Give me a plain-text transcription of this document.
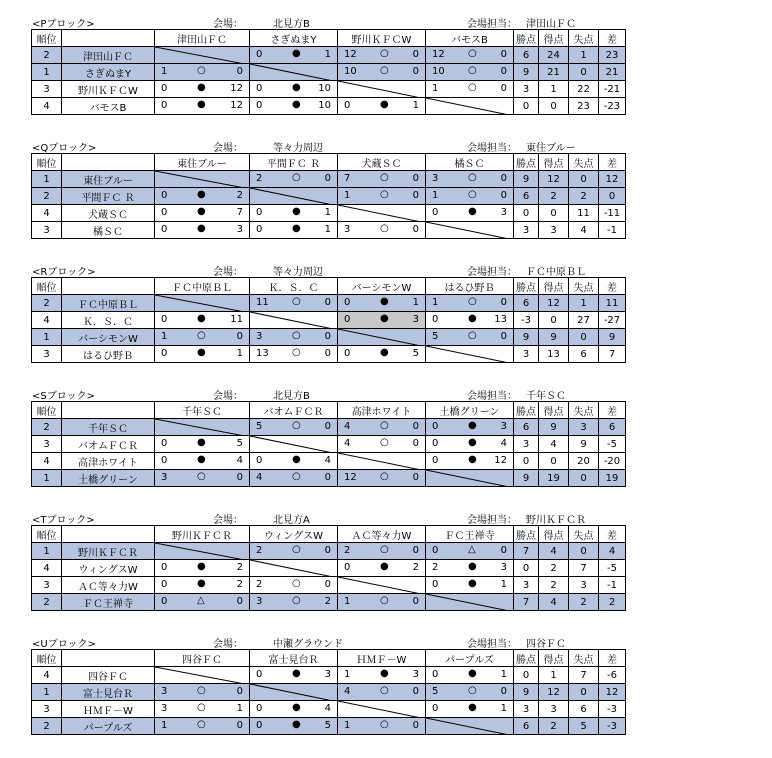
<Pブロック>	会場：	北見方B	会場担当： 津田山ＦＣ
順位		津田山ＦＣ	さぎぬまY	野川ＫＦＣW	バモスB	勝点	得点	失点	差
2	津田山ＦＣ		0 ● 1	12 ○ 0	12 ○ 0	6	24	1	23
1	さぎぬまY	1 ○ 0		10 ○ 0	10 ○ 0	9	21	0	21
3	野川ＫＦＣW	0 ● 12	0 ● 10		1 ○ 0	3	1	22	-21
4	バモスB	0 ● 12	0 ● 10	0 ● 1		0	0	23	-23
<Qブロック>	会場：	等々力周辺	会場担当： 東住ブルー
順位		東住ブルー	平間ＦＣ Ｒ	犬蔵ＳＣ	橘ＳＣ	勝点	得点	失点	差
1	東住ブルー		2 ○ 0	7 ○ 0	3 ○ 0	9	12	0	12
2	平間ＦＣ Ｒ	0 ● 2		1 ○ 0	1 ○ 0	6	2	2	0
4	犬蔵ＳＣ	0 ● 7	0 ● 1		0 ● 3	0	0	11	-11
3	橘ＳＣ	0 ● 3	0 ● 1	3 ○ 0		3	3	4	-1
<Rブロック>	会場：	等々力周辺	会場担当： ＦＣ中原ＢＬ
順位		ＦＣ中原ＢＬ	Ｋ．Ｓ．Ｃ	バーシモンW	はるひ野Ｂ	勝点	得点	失点	差
2	ＦＣ中原ＢＬ		11 ○ 0	0 ● 1	1 ○ 0	6	12	1	11
4	Ｋ．Ｓ．Ｃ	0 ● 11		0 ● 3	0 ● 13	-3	0	27	-27
1	バーシモンW	1 ○ 0	3 ○ 0		5 ○ 0	9	9	0	9
3	はるひ野Ｂ	0 ● 1	13 ○ 0	0 ● 5		3	13	6	7
<Sブロック>	会場：	北見方B	会場担当： 千年ＳＣ
順位		千年ＳＣ	バオムＦＣＲ	高津ホワイト	土橋グリーン	勝点	得点	失点	差
2	千年ＳＣ		5 ○ 0	4 ○ 0	0 ● 3	6	9	3	6
3	バオムＦＣＲ	0 ● 5		4 ○ 0	0 ● 4	3	4	9	-5
4	高津ホワイト	0 ● 4	0 ● 4		0 ● 12	0	0	20	-20
1	土橋グリーン	3 ○ 0	4 ○ 0	12 ○ 0		9	19	0	19
<Tブロック>	会場：	北見方A	会場担当： 野川ＫＦＣＲ
順位		野川ＫＦＣＲ	ウィングスW	ＡＣ等々力W	ＦＣ王禅寺	勝点	得点	失点	差
1	野川ＫＦＣＲ		2 ○ 0	2 ○ 0	0 △ 0	7	4	0	4
4	ウィングスW	0 ● 2		0 ● 2	2 ● 3	0	2	7	-5
3	ＡＣ等々力W	0 ● 2	2 ○ 0		0 ● 1	3	2	3	-1
2	ＦＣ王禅寺	0 △ 0	3 ○ 2	1 ○ 0		7	4	2	2
<Uブロック>	会場：	中瀬グラウンド	会場担当： 四谷ＦＣ
順位		四谷ＦＣ	富士見台Ｒ	ＨＭＦ－W	パープルズ	勝点	得点	失点	差
4	四谷ＦＣ		0 ● 3	1 ● 3	0 ● 1	0	1	7	-6
1	富士見台Ｒ	3 ○ 0		4 ○ 0	5 ○ 0	9	12	0	12
3	ＨＭＦ－W	3 ○ 1	0 ● 4		0 ● 1	3	3	6	-3
2	パープルズ	1 ○ 0	0 ● 5	1 ○ 0		6	2	5	-3
